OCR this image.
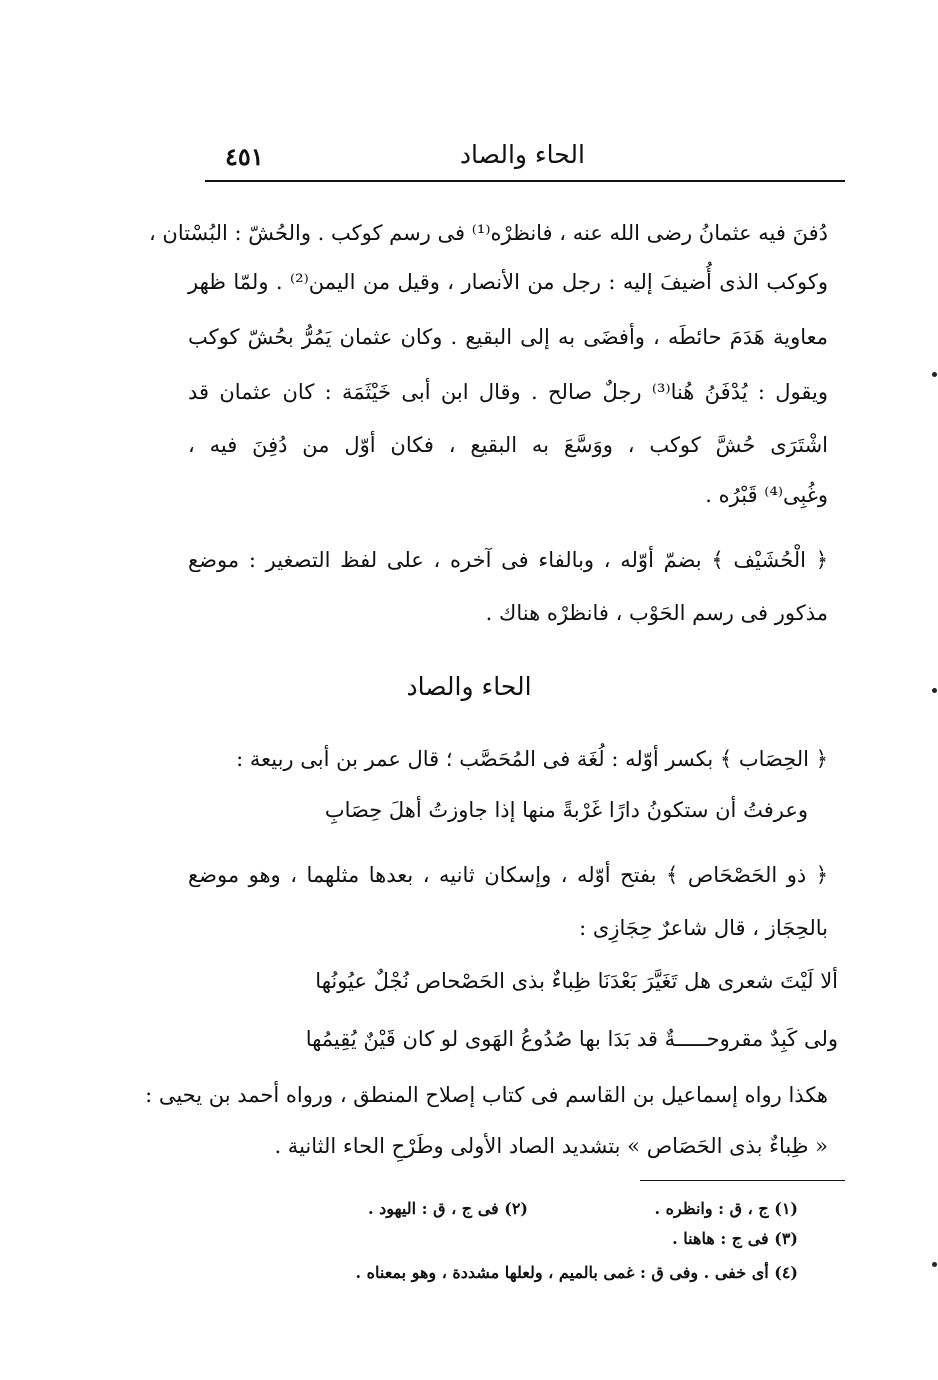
الحاء والصاد
٤٥١
دُفنَ فيه عثمانُ رضى الله عنه ، فانظرْه⁽¹⁾ فى رسم كوكب . والحُشّ : البُسْتان ،
وكوكب الذى أُضيفَ إليه : رجل من الأنصار ، وقيل من اليمن⁽²⁾ . ولمّا ظهر
معاوية هَدَمَ حائطَه ، وأفضَى به إلى البقيع . وكان عثمان يَمُرُّ بحُشّ كوكب
ويقول : يُدْفَنُ هُنا⁽³⁾ رجلٌ صالح . وقال ابن أبى خَيْثَمَة : كان عثمان قد
اشْتَرَى حُشَّ كوكب ، ووَسَّعَ به البقيع ، فكان أوّل من دُفِنَ فيه ،
وغُبِى⁽⁴⁾ قَبْرُه .
﴿ الْحُشَيْف ﴾ بضمّ أوّله ، وبالفاء فى آخره ، على لفظ التصغير : موضع
مذكور فى رسم الحَوْب ، فانظرْه هناك .
الحاء والصاد
﴿ الحِصَاب ﴾ بكسر أوّله : لُغَة فى المُحَصَّب ؛ قال عمر بن أبى ربيعة :
وعرفتُ أن ستكونُ دارًا غَرْبةً منها إذا جاوزتُ أهلَ حِصَابِ
﴿ ذو الحَصْحَاص ﴾ بفتح أوّله ، وإسكان ثانيه ، بعدها مثلهما ، وهو موضع
بالحِجَاز ، قال شاعرٌ حِجَازِى :
ألا لَيْتَ شعرى هل تَغَيَّرَ بَعْدَنَا ظِباءٌ بذى الحَصْحاص نُجْلٌ عيُونُها
ولى كَبِدٌ مقروحـــــةٌ قد بَدَا بها صُدُوعُ الهَوى لو كان قَيْنٌ يُقِيمُها
هكذا رواه إسماعيل بن القاسم فى كتاب إصلاح المنطق ، ورواه أحمد بن يحيى :
« ظِباءٌ بذى الحَصَاص » بتشديد الصاد الأولى وطَرْحِ الحاء الثانية .
(١) ج ، ق : وانظره .
(٢) فى ج ، ق : اليهود .
(٣) فى ج : هاهنا .
(٤) أى خفى . وفى ق : غمى بالميم ، ولعلها مشددة ، وهو بمعناه .
